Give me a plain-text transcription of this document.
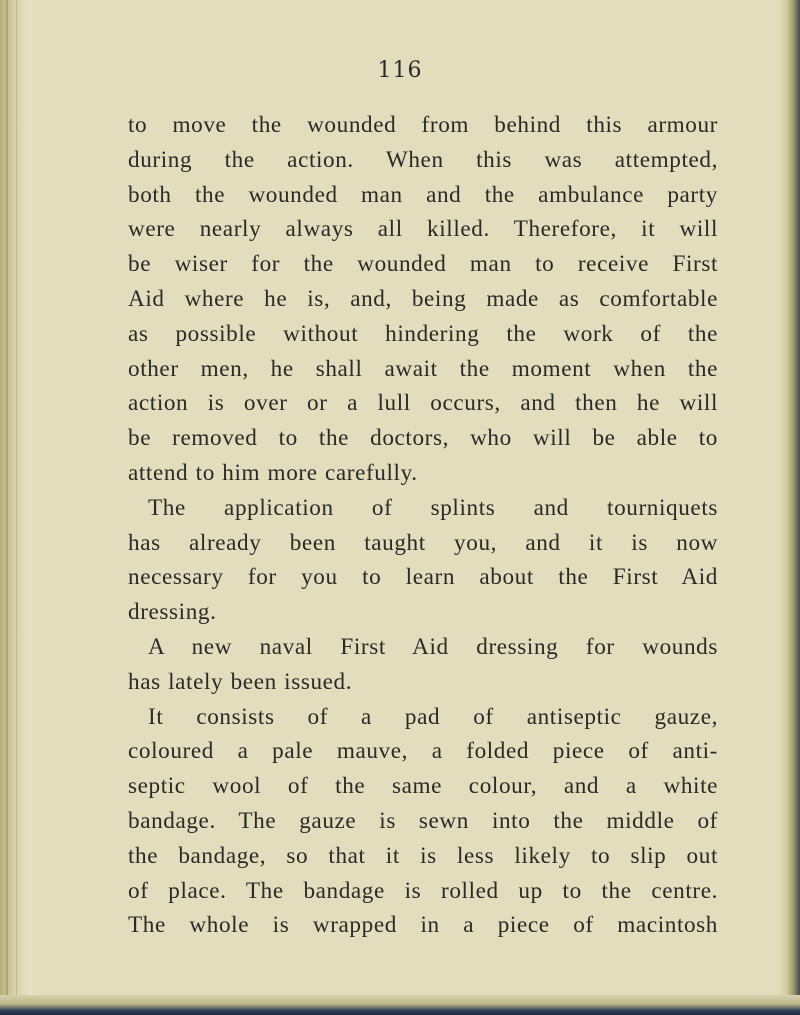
116
to move the wounded from behind this armour
during the action. When this was attempted,
both the wounded man and the ambulance party
were nearly always all killed. Therefore, it will
be wiser for the wounded man to receive First
Aid where he is, and, being made as comfortable
as possible without hindering the work of the
other men, he shall await the moment when the
action is over or a lull occurs, and then he will
be removed to the doctors, who will be able to
attend to him more carefully.
The application of splints and tourniquets
has already been taught you, and it is now
necessary for you to learn about the First Aid
dressing.
A new naval First Aid dressing for wounds
has lately been issued.
It consists of a pad of antiseptic gauze,
coloured a pale mauve, a folded piece of anti-
septic wool of the same colour, and a white
bandage. The gauze is sewn into the middle of
the bandage, so that it is less likely to slip out
of place. The bandage is rolled up to the centre.
The whole is wrapped in a piece of macintosh
